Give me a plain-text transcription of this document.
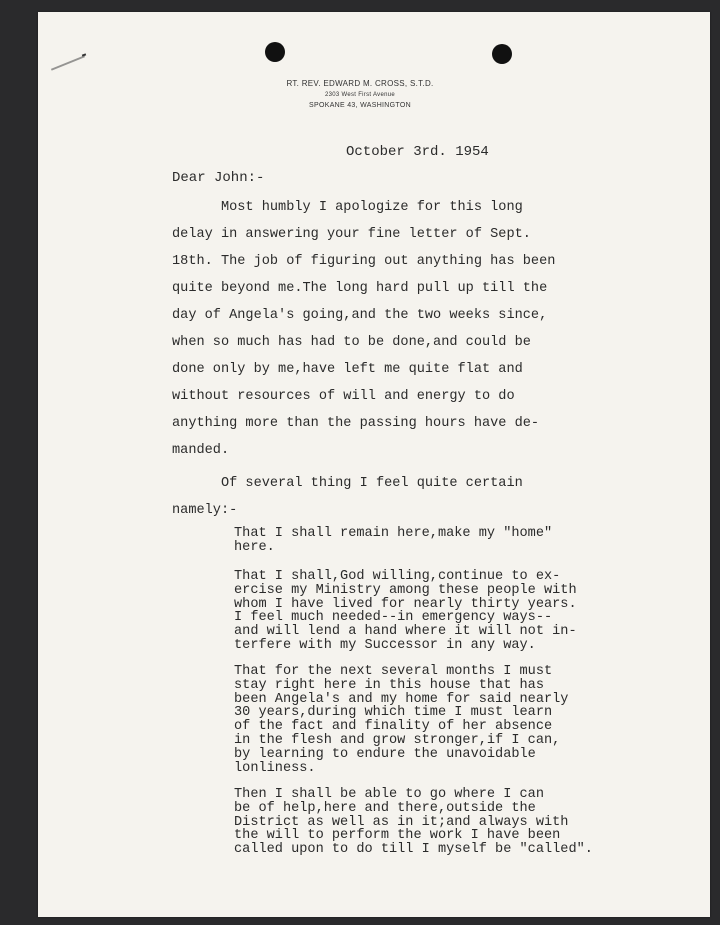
RT. REV. EDWARD M. CROSS, S.T.D.
2303 West First Avenue
SPOKANE 43, WASHINGTON
October 3rd. 1954
Dear John:-
Most humbly I apologize for this long
delay in answering your fine letter of Sept.
18th. The job of figuring out anything has been
quite beyond me.The long hard pull up till the
day of Angela's going,and the two weeks since,
when so much has had to be done,and could be
done only by me,have left me quite flat and
without resources of will and energy to do
anything more than the passing hours have de-
manded.
Of several thing I feel quite certain
namely:-
That I shall remain here,make my "home"
here.
That I shall,God willing,continue to ex-
ercise my Ministry among these people with
whom I have lived for nearly thirty years.
I feel much needed--in emergency ways--
and will lend a hand where it will not in-
terfere with my Successor in any way.
That for the next several months I must
stay right here in this house that has
been Angela's and my home for said nearly
30 years,during which time I must learn
of the fact and finality of her absence
in the flesh and grow stronger,if I can,
by learning to endure the unavoidable
lonliness.
Then I shall be able to go where I can
be of help,here and there,outside the
District as well as in it;and always with
the will to perform the work I have been
called upon to do till I myself be "called".
